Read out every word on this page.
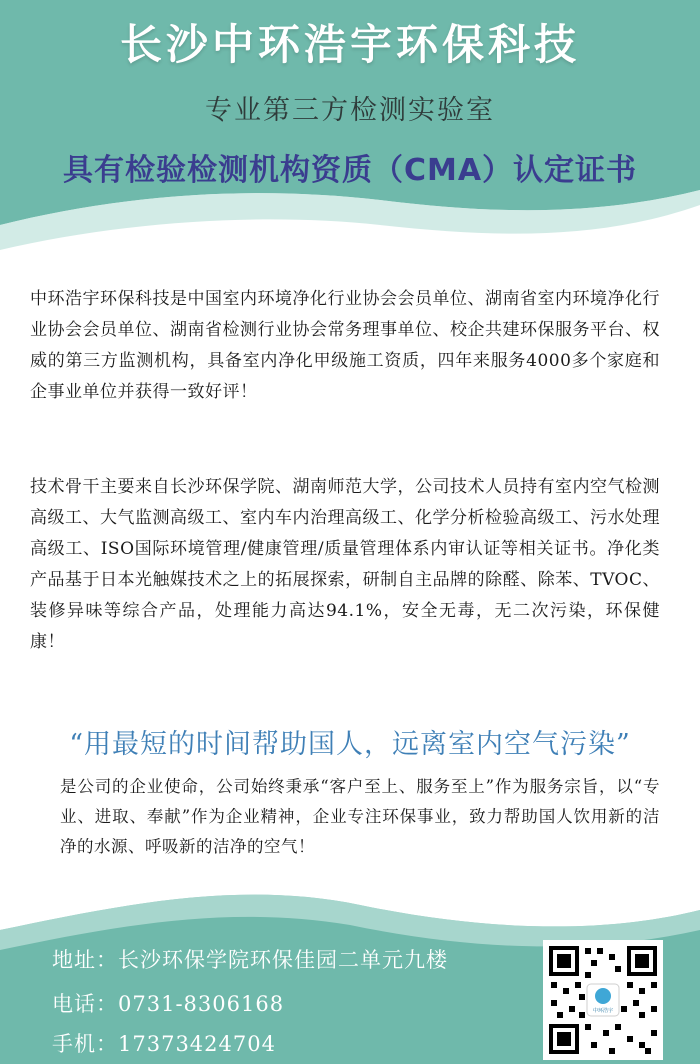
长沙中环浩宇环保科技
专业第三方检测实验室
具有检验检测机构资质（CMA）认定证书
中环浩宇环保科技是中国室内环境净化行业协会会员单位、湖南省室内环境净化行业协会会员单位、湖南省检测行业协会常务理事单位、校企共建环保服务平台、权威的第三方监测机构，具备室内净化甲级施工资质，四年来服务4000多个家庭和企事业单位并获得一致好评！
技术骨干主要来自长沙环保学院、湖南师范大学，公司技术人员持有室内空气检测高级工、大气监测高级工、室内车内治理高级工、化学分析检验高级工、污水处理高级工、ISO国际环境管理/健康管理/质量管理体系内审认证等相关证书。净化类产品基于日本光触媒技术之上的拓展探索，研制自主品牌的除醛、除苯、TVOC、装修异味等综合产品，处理能力高达94.1%，安全无毒，无二次污染，环保健康！
“用最短的时间帮助国人，远离室内空气污染”
是公司的企业使命，公司始终秉承“客户至上、服务至上”作为服务宗旨，以“专业、进取、奉献”作为企业精神，企业专注环保事业，致力帮助国人饮用新的洁净的水源、呼吸新的洁净的空气！
地址：长沙环保学院环保佳园二单元九楼
电话：0731-8306168
手机：17373424704
中环浩宇
